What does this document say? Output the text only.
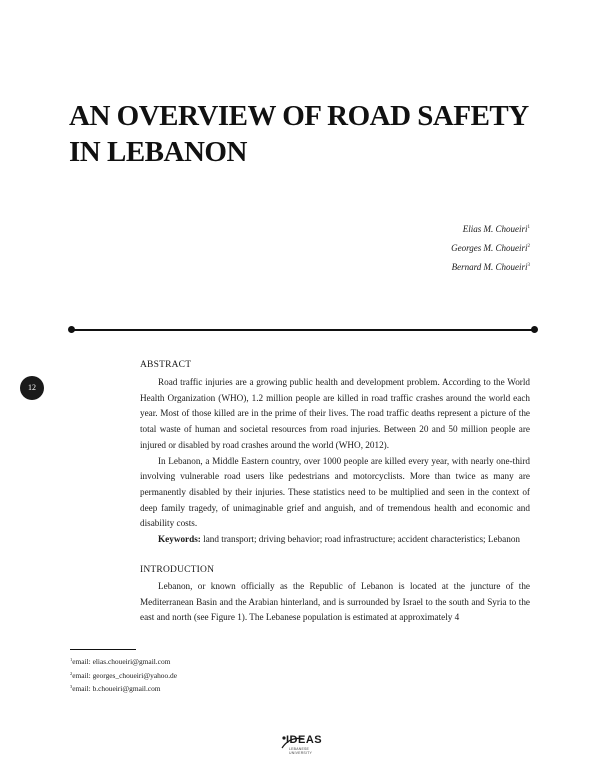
AN OVERVIEW OF ROAD SAFETY
IN LEBANON
Elias M. Choueiri$^1$
Georges M. Choueiri$^2$
Bernard M. Choueiri$^3$
12
ABSTRACT

Road traffic injuries are a growing public health and development problem. According to the World Health Organization (WHO), 1.2 million people are killed in road traffic crashes around the world each year. Most of those killed are in the prime of their lives. The road traffic deaths represent a picture of the total waste of human and societal resources from road injuries. Between 20 and 50 million people are injured or disabled by road crashes around the world (WHO, 2012).

In Lebanon, a Middle Eastern country, over 1000 people are killed every year, with nearly one-third involving vulnerable road users like pedestrians and motorcyclists. More than twice as many are permanently disabled by their injuries. These statistics need to be multiplied and seen in the context of deep family tragedy, of unimaginable grief and anguish, and of tremendous health and economic and disability costs.

Keywords: land transport; driving behavior; road infrastructure; accident characteristics; Lebanon

INTRODUCTION

Lebanon, or known officially as the Republic of Lebanon is located at the juncture of the Mediterranean Basin and the Arabian hinterland, and is surrounded by Israel to the south and Syria to the east and north (see Figure 1). The Lebanese population is estimated at approximately 4

$^1$email: elias.choueiri@gmail.com
$^2$email: georges_choueiri@yahoo.de
$^3$email: b.choueiri@gmail.com
IDEAS
LEBANESE UNIVERSITY
